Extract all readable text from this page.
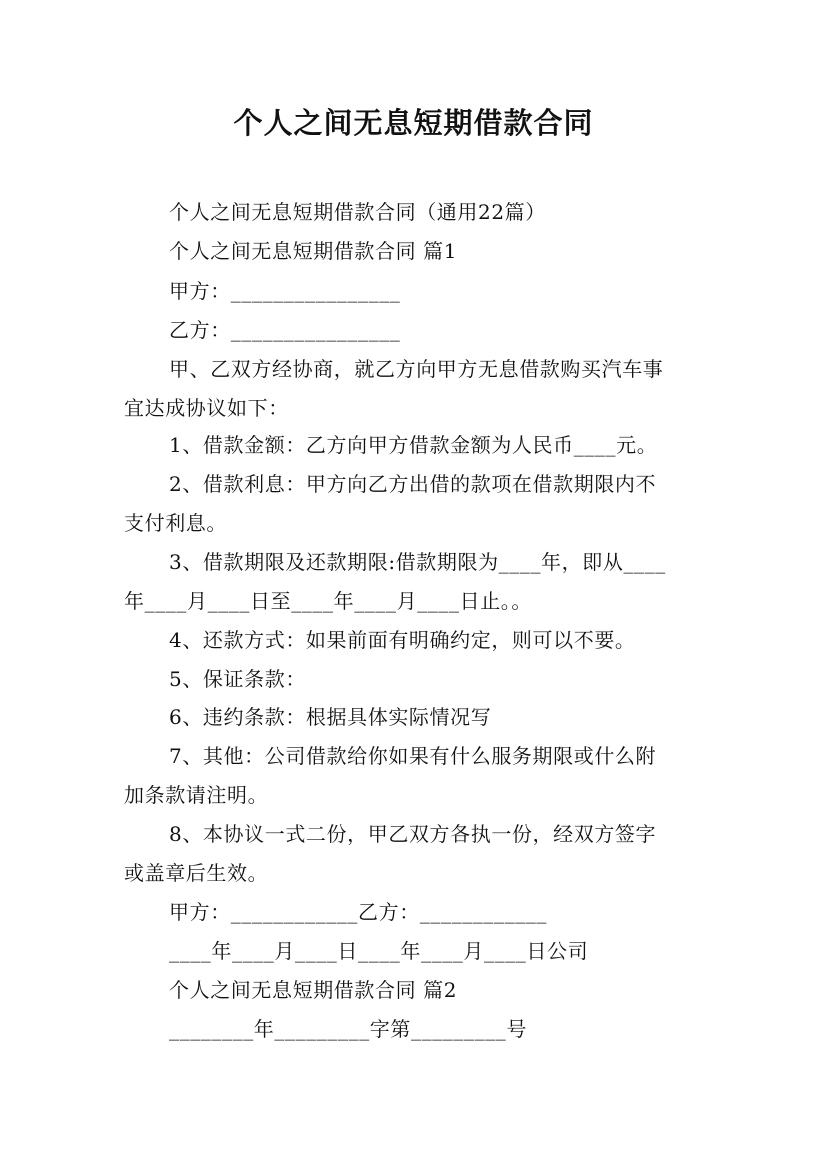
个人之间无息短期借款合同
个人之间无息短期借款合同（通用22篇）
个人之间无息短期借款合同 篇1
甲方：________________
乙方：________________
甲、乙双方经协商，就乙方向甲方无息借款购买汽车事
宜达成协议如下：
1、借款金额：乙方向甲方借款金额为人民币____元。
2、借款利息：甲方向乙方出借的款项在借款期限内不
支付利息。
3、借款期限及还款期限:借款期限为____年，即从____
年____月____日至____年____月____日止。。
4、还款方式：如果前面有明确约定，则可以不要。
5、保证条款：
6、违约条款：根据具体实际情况写
7、其他：公司借款给你如果有什么服务期限或什么附
加条款请注明。
8、本协议一式二份，甲乙双方各执一份，经双方签字
或盖章后生效。
甲方：____________乙方：____________
____年____月____日____年____月____日公司
个人之间无息短期借款合同 篇2
________年_________字第_________号
